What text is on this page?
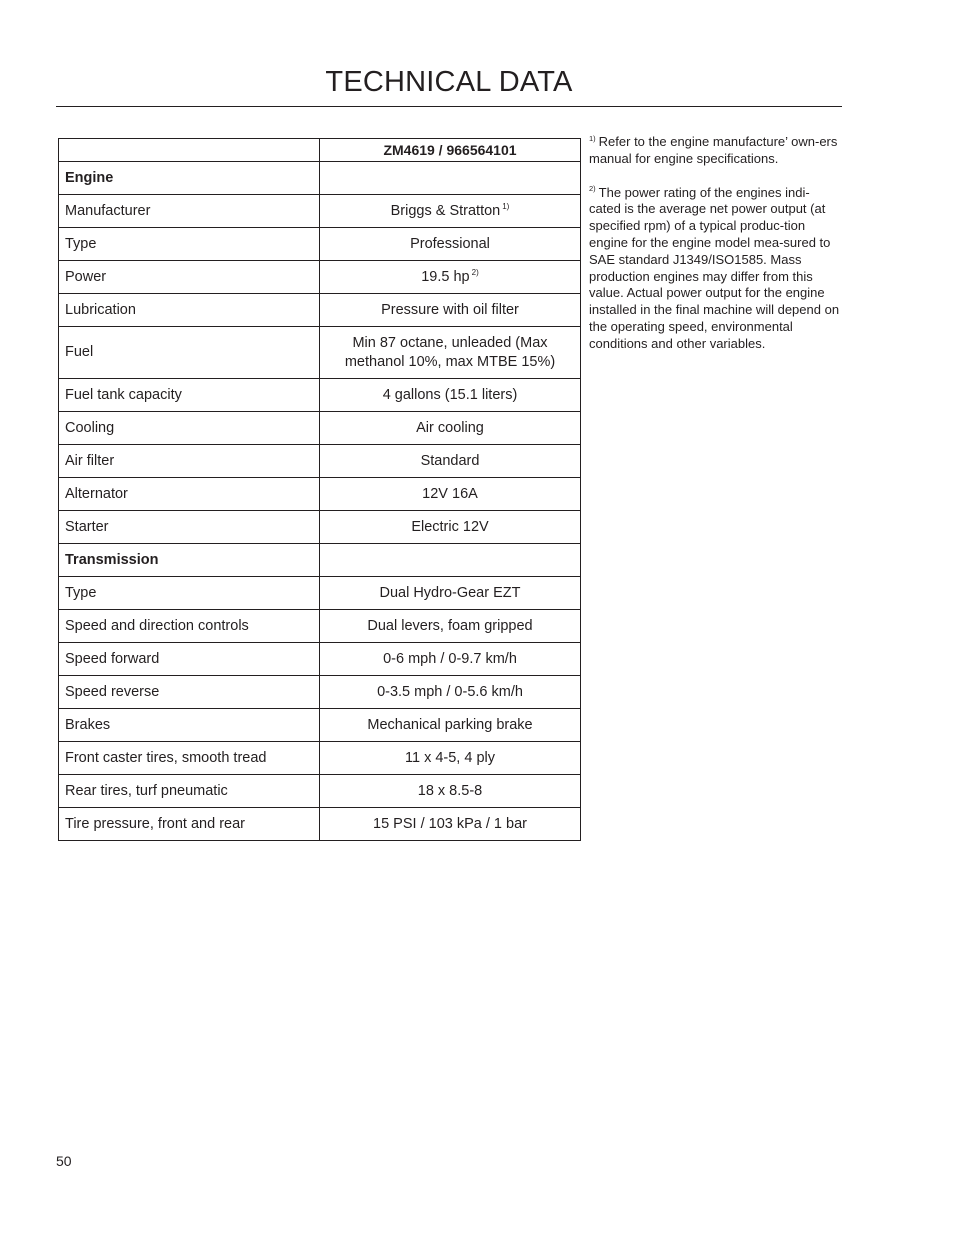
TECHNICAL DATA
	ZM4619 / 966564101
Engine	
Manufacturer	Briggs & Stratton $^{1)}$
Type	Professional
Power	19.5 hp $^{2)}$
Lubrication	Pressure with oil filter
Fuel	Min 87 octane, unleaded (Max methanol 10%, max MTBE 15%)
Fuel tank capacity	4 gallons (15.1 liters)
Cooling	Air cooling
Air filter	Standard
Alternator	12V 16A
Starter	Electric 12V
Transmission	
Type	Dual Hydro-Gear EZT
Speed and direction controls	Dual levers, foam gripped
Speed forward	0-6 mph / 0-9.7 km/h
Speed reverse	0-3.5 mph / 0-5.6 km/h
Brakes	Mechanical parking brake
Front caster tires, smooth tread	11 x 4-5, 4 ply
Rear tires, turf pneumatic	18 x 8.5-8
Tire pressure, front and rear	15 PSI / 103 kPa / 1 bar

$^{1)}$ Refer to the engine manufacture’ own-ers manual for engine specifications.

$^{2)}$ The power rating of the engines indi-cated is the average net power output (at specified rpm) of a typical produc-tion engine for the engine model mea-sured to SAE standard J1349/ISO1585. Mass production engines may differ from this value. Actual power output for the engine installed in the final machine will depend on the operating speed, environmental conditions and other variables.

50
